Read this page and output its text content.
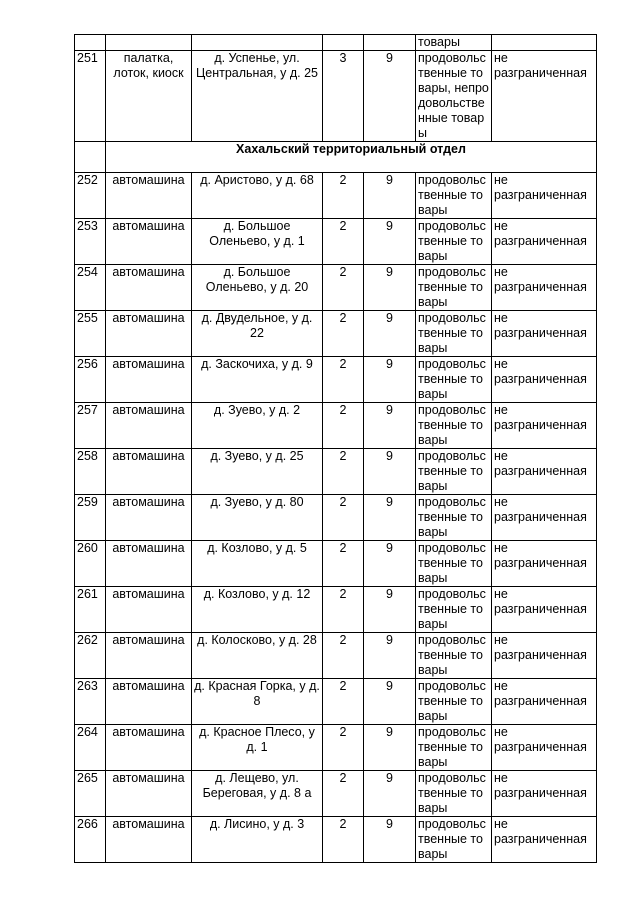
					товары	
251	палатка, лоток, киоск	д. Успенье, ул. Центральная, у д. 25	3	9	продовольственные товары, непродовольственные товары	не разграниченная
	Хахальский территориальный отдел					
252	автомашина	д. Аристово, у д. 68	2	9	продовольственные товары	не разграниченная
253	автомашина	д. Большое Оленьево, у д. 1	2	9	продовольственные товары	не разграниченная
254	автомашина	д. Большое Оленьево, у д. 20	2	9	продовольственные товары	не разграниченная
255	автомашина	д. Двудельное, у д. 22	2	9	продовольственные товары	не разграниченная
256	автомашина	д. Заскочиха, у д. 9	2	9	продовольственные товары	не разграниченная
257	автомашина	д. Зуево, у д. 2	2	9	продовольственные товары	не разграниченная
258	автомашина	д. Зуево, у д. 25	2	9	продовольственные товары	не разграниченная
259	автомашина	д. Зуево, у д. 80	2	9	продовольственные товары	не разграниченная
260	автомашина	д. Козлово, у д. 5	2	9	продовольственные товары	не разграниченная
261	автомашина	д. Козлово, у д. 12	2	9	продовольственные товары	не разграниченная
262	автомашина	д. Колосково, у д. 28	2	9	продовольственные товары	не разграниченная
263	автомашина	д. Красная Горка, у д. 8	2	9	продовольственные товары	не разграниченная
264	автомашина	д. Красное Плесо, у д. 1	2	9	продовольственные товары	не разграниченная
265	автомашина	д. Лещево, ул. Береговая, у д. 8 а	2	9	продовольственные товары	не разграниченная
266	автомашина	д. Лисино, у д. 3	2	9	продовольственные товары	не разграниченная
